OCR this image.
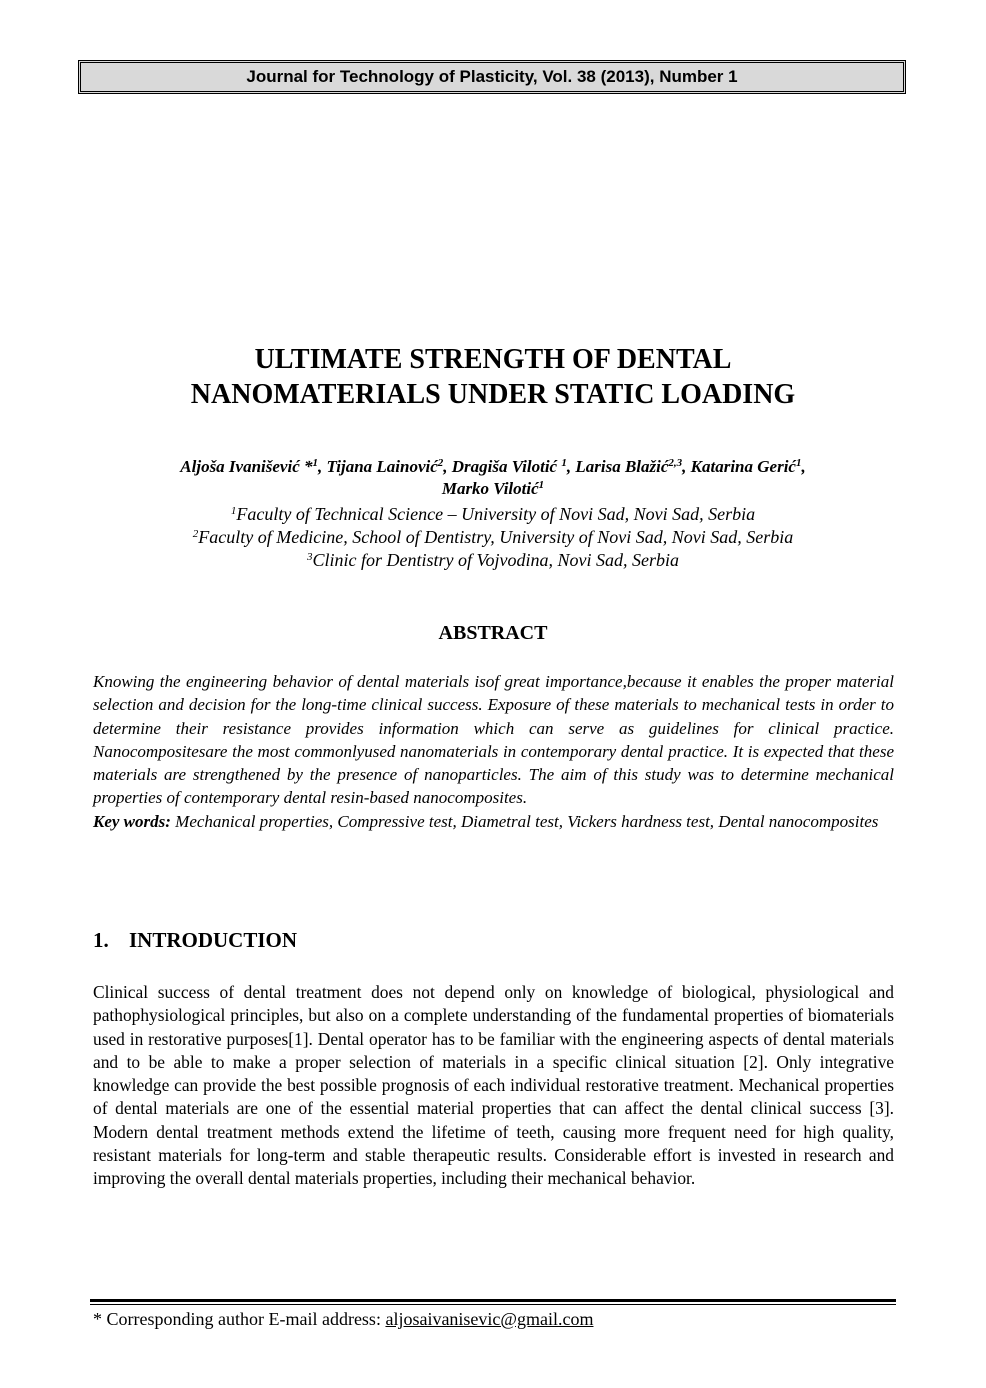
Journal for Technology of Plasticity, Vol. 38 (2013), Number 1
ULTIMATE STRENGTH OF DENTAL
NANOMATERIALS UNDER STATIC LOADING
Aljoša Ivanišević *$^1$, Tijana Lainović$^2$, Dragiša Vilotić $^1$, Larisa Blažić$^{2,3}$, Katarina Gerić$^1$,
Marko Vilotić$^1$
$^1$Faculty of Technical Science – University of Novi Sad, Novi Sad, Serbia
$^2$Faculty of Medicine, School of Dentistry, University of Novi Sad, Novi Sad, Serbia
$^3$Clinic for Dentistry of Vojvodina, Novi Sad, Serbia
ABSTRACT

Knowing the engineering behavior of dental materials isof great importance,because it enables the proper material selection and decision for the long-time clinical success. Exposure of these materials to mechanical tests in order to determine their resistance provides information which can serve as guidelines for clinical practice. Nanocompositesare the most commonlyused nanomaterials in contemporary dental practice. It is expected that these materials are strengthened by the presence of nanoparticles. The aim of this study was to determine mechanical properties of contemporary dental resin-based nanocomposites.

Key words: Mechanical properties, Compressive test, Diametral test, Vickers hardness test, Dental nanocomposites

1. INTRODUCTION

Clinical success of dental treatment does not depend only on knowledge of biological, physiological and pathophysiological principles, but also on a complete understanding of the fundamental properties of biomaterials used in restorative purposes[1]. Dental operator has to be familiar with the engineering aspects of dental materials and to be able to make a proper selection of materials in a specific clinical situation [2]. Only integrative knowledge can provide the best possible prognosis of each individual restorative treatment. Mechanical properties of dental materials are one of the essential material properties that can affect the dental clinical success [3]. Modern dental treatment methods extend the lifetime of teeth, causing more frequent need for high quality, resistant materials for long-term and stable therapeutic results. Considerable effort is invested in research and improving the overall dental materials properties, including their mechanical behavior.

* Corresponding author E-mail address: aljosaivanisevic@gmail.com
